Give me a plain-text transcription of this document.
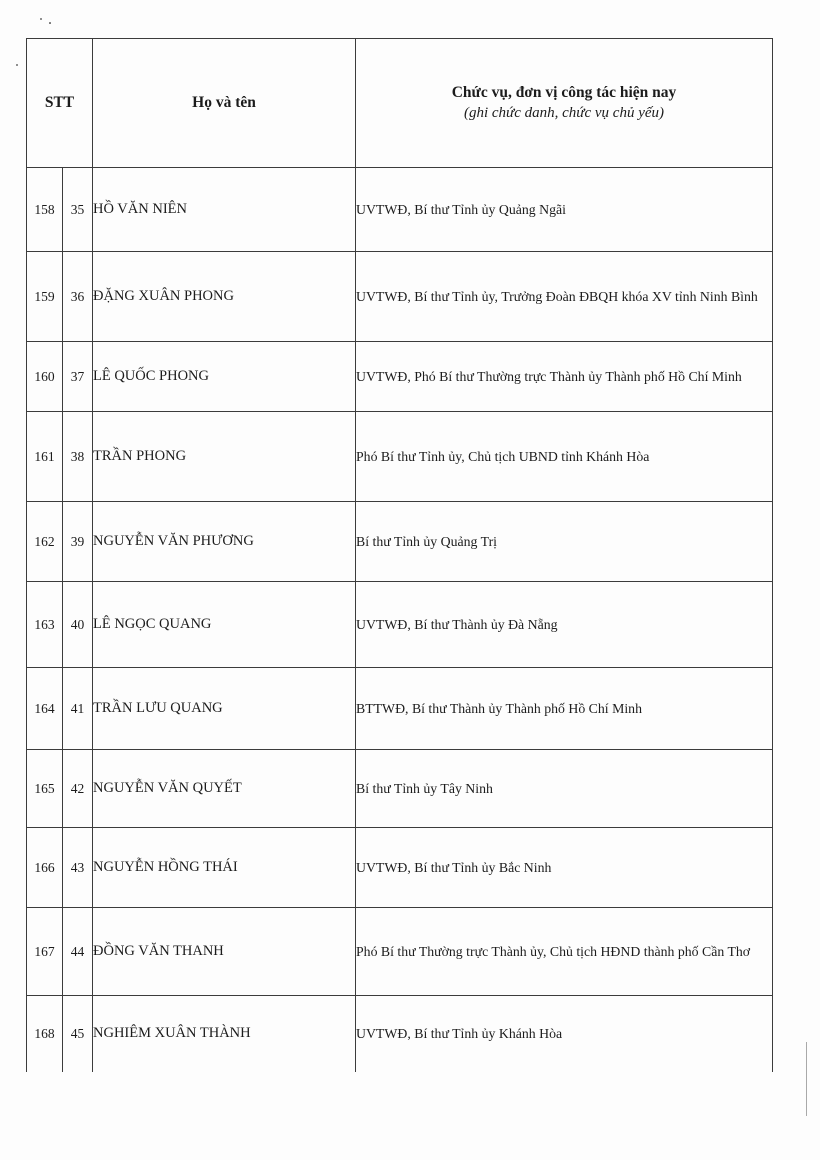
STT		Họ và tên	Chức vụ, đơn vị công tác hiện nay
(ghi chức danh, chức vụ chủ yếu)

158	35	HỒ VĂN NIÊN	UVTWĐ, Bí thư Tỉnh ủy Quảng Ngãi
159	36	ĐẶNG XUÂN PHONG	UVTWĐ, Bí thư Tỉnh ủy, Trưởng Đoàn ĐBQH khóa XV tỉnh Ninh Bình
160	37	LÊ QUỐC PHONG	UVTWĐ, Phó Bí thư Thường trực Thành ủy Thành phố Hồ Chí Minh
161	38	TRẦN PHONG	Phó Bí thư Tỉnh ủy, Chủ tịch UBND tỉnh Khánh Hòa
162	39	NGUYỄN VĂN PHƯƠNG	Bí thư Tỉnh ủy Quảng Trị
163	40	LÊ NGỌC QUANG	UVTWĐ, Bí thư Thành ủy Đà Nẵng
164	41	TRẦN LƯU QUANG	BTTWĐ, Bí thư Thành ủy Thành phố Hồ Chí Minh
165	42	NGUYỄN VĂN QUYẾT	Bí thư Tỉnh ủy Tây Ninh
166	43	NGUYỄN HỒNG THÁI	UVTWĐ, Bí thư Tỉnh ủy Bắc Ninh
167	44	ĐỒNG VĂN THANH	Phó Bí thư Thường trực Thành ủy, Chủ tịch HĐND thành phố Cần Thơ
168	45	NGHIÊM XUÂN THÀNH	UVTWĐ, Bí thư Tỉnh ủy Khánh Hòa
